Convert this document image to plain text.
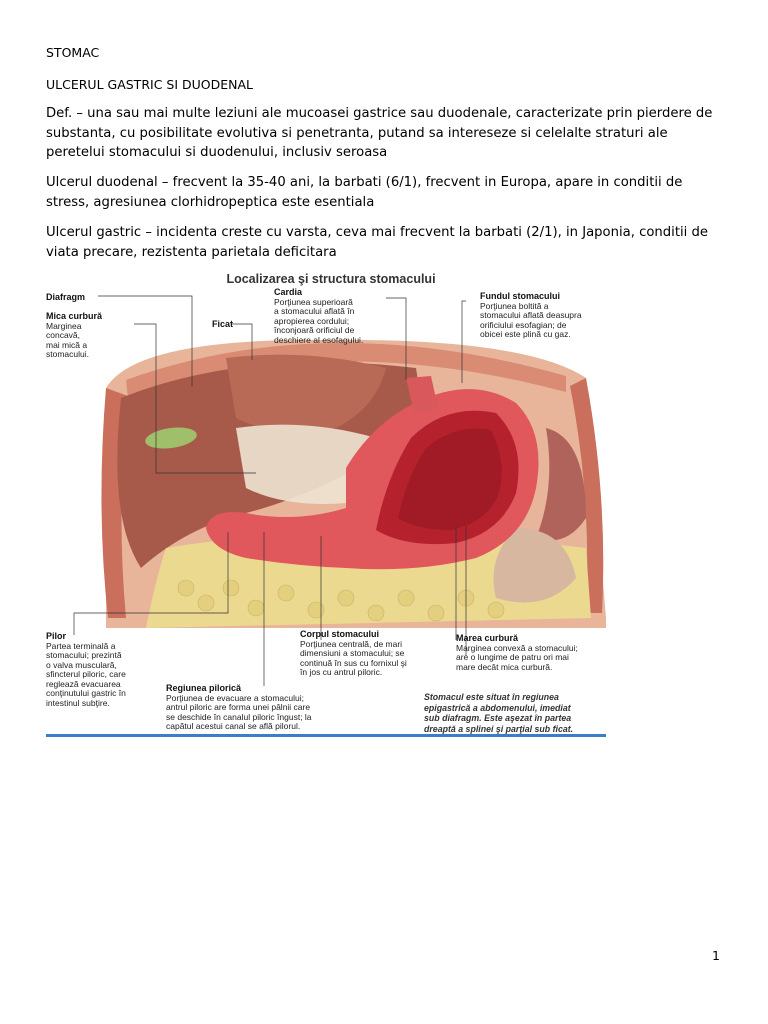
STOMAC

ULCERUL GASTRIC SI DUODENAL

Def. – una sau mai multe leziuni ale mucoasei gastrice sau duodenale, caracterizate prin pierdere de substanta, cu posibilitate evolutiva si penetranta, putand sa intereseze si celelalte straturi ale peretelui stomacului si duodenului, inclusiv seroasa

Ulcerul duodenal – frecvent la 35-40 ani, la barbati (6/1), frecvent in Europa, apare in conditii de stress, agresiunea clorhidropeptica este esentiala

Ulcerul gastric – incidenta creste cu varsta, ceva mai frecvent la barbati (2/1), in Japonia, conditii de viata precare, rezistenta parietala deficitara

Localizarea şi structura stomacului
Diafragm
Mica curbură
Marginea
concavă,
mai mică a
stomacului.
Ficat
Cardia
Porţiunea superioară
a stomacului aflată în
apropierea cordului;
înconjoară orificiul de
deschiere al esofagului.
Fundul stomacului
Porţiunea boltită a
stomacului aflată deasupra
orificiului esofagian; de
obicei este plină cu gaz.
Pilor
Partea terminală a
stomacului; prezintă
o valva musculară,
sfincterul piloric, care
reglează evacuarea
conţinutului gastric în
intestinul subţire.
Regiunea pilorică
Porţiunea de evacuare a stomacului;
antrul piloric are forma unei pâlnii care
se deschide în canalul piloric îngust; la
capătul acestui canal se află pilorul.
Corpul stomacului
Porţiunea centrală, de mari
dimensiuni a stomacului; se
continuă în sus cu fornixul şi
în jos cu antrul piloric.
Marea curbură
Marginea convexă a stomacului;
are o lungime de patru ori mai
mare decât mica curbură.
Stomacul este situat în regiunea
epigastrică a abdomenului, imediat
sub diafragm. Este aşezat în partea
dreaptă a splinei şi parţial sub ficat.
1
